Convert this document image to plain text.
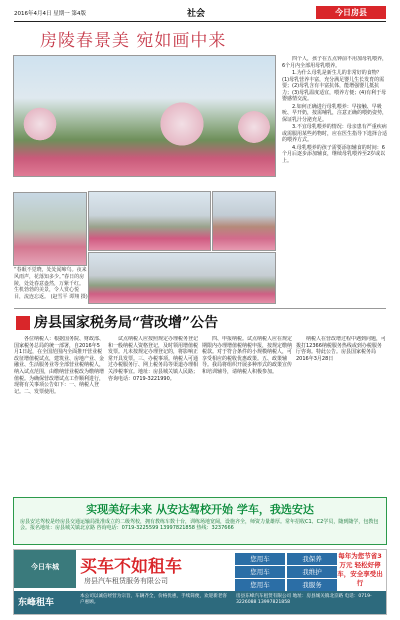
2016年4月4日 星期一 第4版	社会	今日房县
房陵春景美 宛如画中来
“春眠不觉晓，处处闻啼鸟。夜来风雨声，花落知多少。”春日的房陵，处处春意盎然，万紫千红。生机勃勃的美景，令人赏心悦目，流连忘返。 (赵雪平 谭翔 摄)

四个人，孩子在五点钟前不用加母乳喂养，6个月内全部用母乳喂养。

1.为什么母乳是新生儿的非常好的食物？(1)母乳营养丰富，充分满足婴儿生长发育的需要；(2)母乳含有丰富抗体，能增强婴儿抵抗力；(3)母乳温度适宜，喂养方便；(4)有利于母婴感情交流。

2.如何正确进行母乳喂养：早接触、早吸吮、早开奶，按需哺乳，注意正确的喂奶姿势，保证乳汁分泌充足。

3.不宜母乳喂养的情况：母亲患有严重疾病或需服用某些药物时，应在医生指导下选择合适的喂养方式。

4.母乳喂养的孩子需要添加辅食的时间：6个月后逐步添加辅食，继续母乳喂养至2岁或以上。

房县国家税务局“营改增”公告

各位纳税人：根据国务院、财政部、国家税务总局的统一部署，自2016年5月1日起，在全国范围内全面推开营业税改征增值税试点，建筑业、房地产业、金融业、生活服务业等全部营业税纳税人，纳入试点范围，由缴纳营业税改为缴纳增值税。为确保营改增试点工作顺利进行，现将有关事项公告如下：一、纳税人登记。二、发票使用。

试点纳税人应按照规定办理税务登记和一般纳税人资格登记，及时领用增值税发票。凡未按规定办理登记的，将影响正常开具发票。三、办税事项。纳税人可通过办税服务厅、网上税务局等渠道办理相关涉税事宜。地址：房县城关镇人民路；咨询电话：0719-3221990。

四、申报纳税。试点纳税人应在规定期限内办理增值税纳税申报，按规定缴纳税款。对于符合条件的小规模纳税人，可享受相应的税收优惠政策。五、政策辅导。我局将组织开展多种形式的政策宣传和培训辅导，请纳税人积极参加。

纳税人在营改增过程中遇到问题，可拨打12366纳税服务热线或到办税服务厅咨询。特此公告。房县国家税务局 2016年3月28日

实现美好未来 从安达驾校开始 学车，我选安达
房县安达驾校是经房县交通运输局批准成立的二级驾校，拥有教练车数十台，训练场地宽阔，设施齐全，师资力量雄厚。常年招收C1、C2学员，随到随学，包教包会。报名地址：房县城关镇北京路 咨询电话：0719-3225599 13997821858 热线：3237666
今日车城	买车不如租车
房县汽车租赁服务有限公司
您用车	我保养
您用车	我维护
您用车	我服务
每年为您节省3万元 轻松好停车，安全享受出行
东峰租车
本公司以诚信经营为宗旨，车辆齐全，价格优惠，手续简便，欢迎新老客户惠顾。
房县东峰汽车租赁有限公司 地址：房县城关镇北京路 电话：0719-3226088 13997821858
